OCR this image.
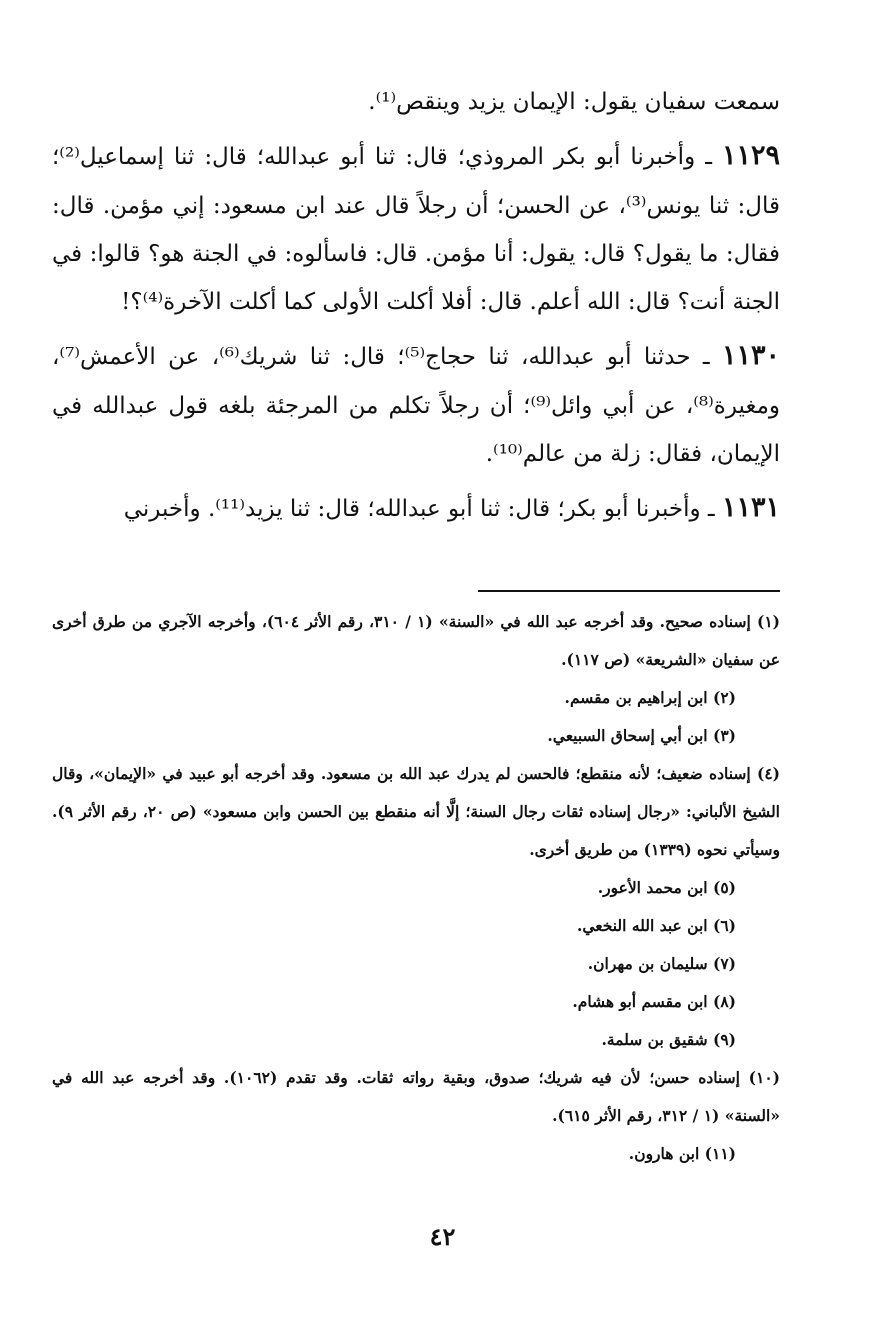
سمعت سفيان يقول: الإيمان يزيد وينقص⁽¹⁾.

١١٢٩ ـ وأخبرنا أبو بكر المروذي؛ قال: ثنا أبو عبدالله؛ قال: ثنا إسماعيل⁽²⁾؛ قال: ثنا يونس⁽³⁾، عن الحسن؛ أن رجلاً قال عند ابن مسعود: إني مؤمن. قال: فقال: ما يقول؟ قال: يقول: أنا مؤمن. قال: فاسألوه: في الجنة هو؟ قالوا: في الجنة أنت؟ قال: الله أعلم. قال: أفلا أكلت الأولى كما أكلت الآخرة⁽⁴⁾؟!

١١٣٠ ـ حدثنا أبو عبدالله، ثنا حجاج⁽⁵⁾؛ قال: ثنا شريك⁽⁶⁾، عن الأعمش⁽⁷⁾، ومغيرة⁽⁸⁾، عن أبي وائل⁽⁹⁾؛ أن رجلاً تكلم من المرجئة بلغه قول عبدالله في الإيمان، فقال: زلة من عالم⁽¹⁰⁾.

١١٣١ ـ وأخبرنا أبو بكر؛ قال: ثنا أبو عبدالله؛ قال: ثنا يزيد⁽¹¹⁾. وأخبرني

(١) إسناده صحيح. وقد أخرجه عبد الله في «السنة» (١ / ٣١٠، رقم الأثر ٦٠٤)، وأخرجه الآجري من طرق أخرى عن سفيان «الشريعة» (ص ١١٧).

(٢) ابن إبراهيم بن مقسم.

(٣) ابن أبي إسحاق السبيعي.

(٤) إسناده ضعيف؛ لأنه منقطع؛ فالحسن لم يدرك عبد الله بن مسعود. وقد أخرجه أبو عبيد في «الإيمان»، وقال الشيخ الألباني: «رجال إسناده ثقات رجال السنة؛ إلَّا أنه منقطع بين الحسن وابن مسعود» (ص ٢٠، رقم الأثر ٩). وسيأتي نحوه (١٣٣٩) من طريق أخرى.

(٥) ابن محمد الأعور.

(٦) ابن عبد الله النخعي.

(٧) سليمان بن مهران.

(٨) ابن مقسم أبو هشام.

(٩) شقيق بن سلمة.

(١٠) إسناده حسن؛ لأن فيه شريك؛ صدوق، وبقية رواته ثقات. وقد تقدم (١٠٦٢). وقد أخرجه عبد الله في «السنة» (١ / ٣١٢، رقم الأثر ٦١٥).

(١١) ابن هارون.

٤٢
